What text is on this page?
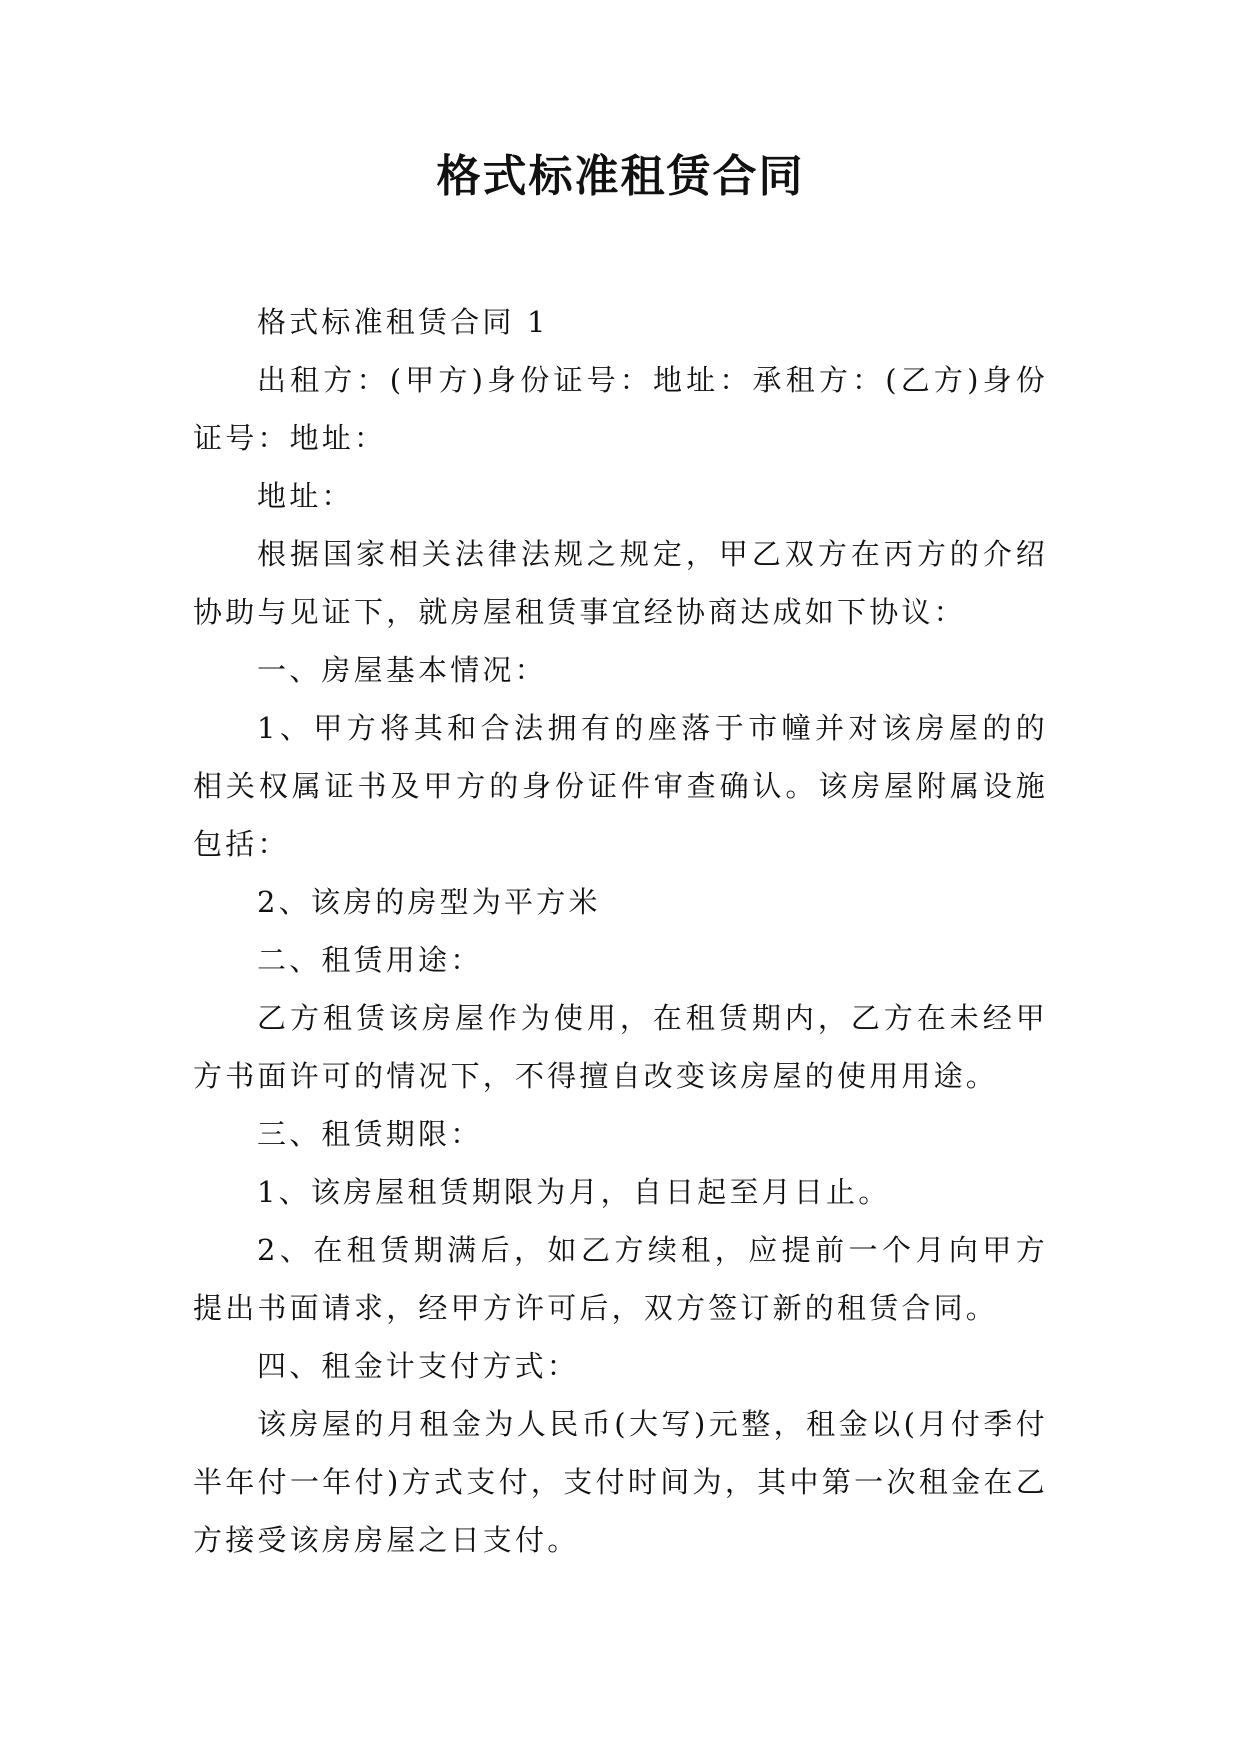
格式标准租赁合同

格式标准租赁合同 1

出租方：(甲方)身份证号：地址：承租方：(乙方)身份证号：地址：

地址：

根据国家相关法律法规之规定，甲乙双方在丙方的介绍协助与见证下，就房屋租赁事宜经协商达成如下协议：

一、房屋基本情况：

1、甲方将其和合法拥有的座落于市幢并对该房屋的的相关权属证书及甲方的身份证件审查确认。该房屋附属设施包括：

2、该房的房型为平方米

二、租赁用途：

乙方租赁该房屋作为使用，在租赁期内，乙方在未经甲方书面许可的情况下，不得擅自改变该房屋的使用用途。

三、租赁期限：

1、该房屋租赁期限为月，自日起至月日止。

2、在租赁期满后，如乙方续租，应提前一个月向甲方提出书面请求，经甲方许可后，双方签订新的租赁合同。

四、租金计支付方式：

该房屋的月租金为人民币(大写)元整，租金以(月付季付半年付一年付)方式支付，支付时间为，其中第一次租金在乙方接受该房房屋之日支付。
